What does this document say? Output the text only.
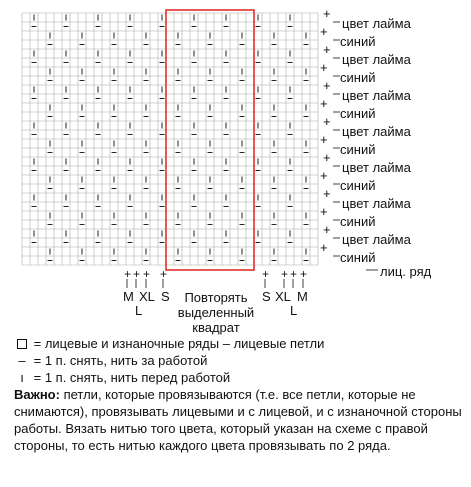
+ + + +	+ + + +
+
цвет лайма
+
синий
+
цвет лайма
+
синий
+
цвет лайма
+
синий
+
цвет лайма
+
синий
+
цвет лайма
+
синий
+
цвет лайма
+
синий
+
цвет лайма
+
синий
лиц. ряд
M XL S
L
S XL M
L
Повторять выделенный квадрат
= лицевые и изнаночные ряды – лицевые петли
– = 1 п. снять, нить за работой
ı = 1 п. снять, нить перед работой
Важно: петли, которые провязываются (т.е. все петли, которые не снимаются), провязывать лицевыми и с лицевой, и с изнаночной стороны работы. Вязать нитью того цвета, который указан на схеме с правой стороны, то есть нитью каждого цвета провязывать по 2 ряда.
